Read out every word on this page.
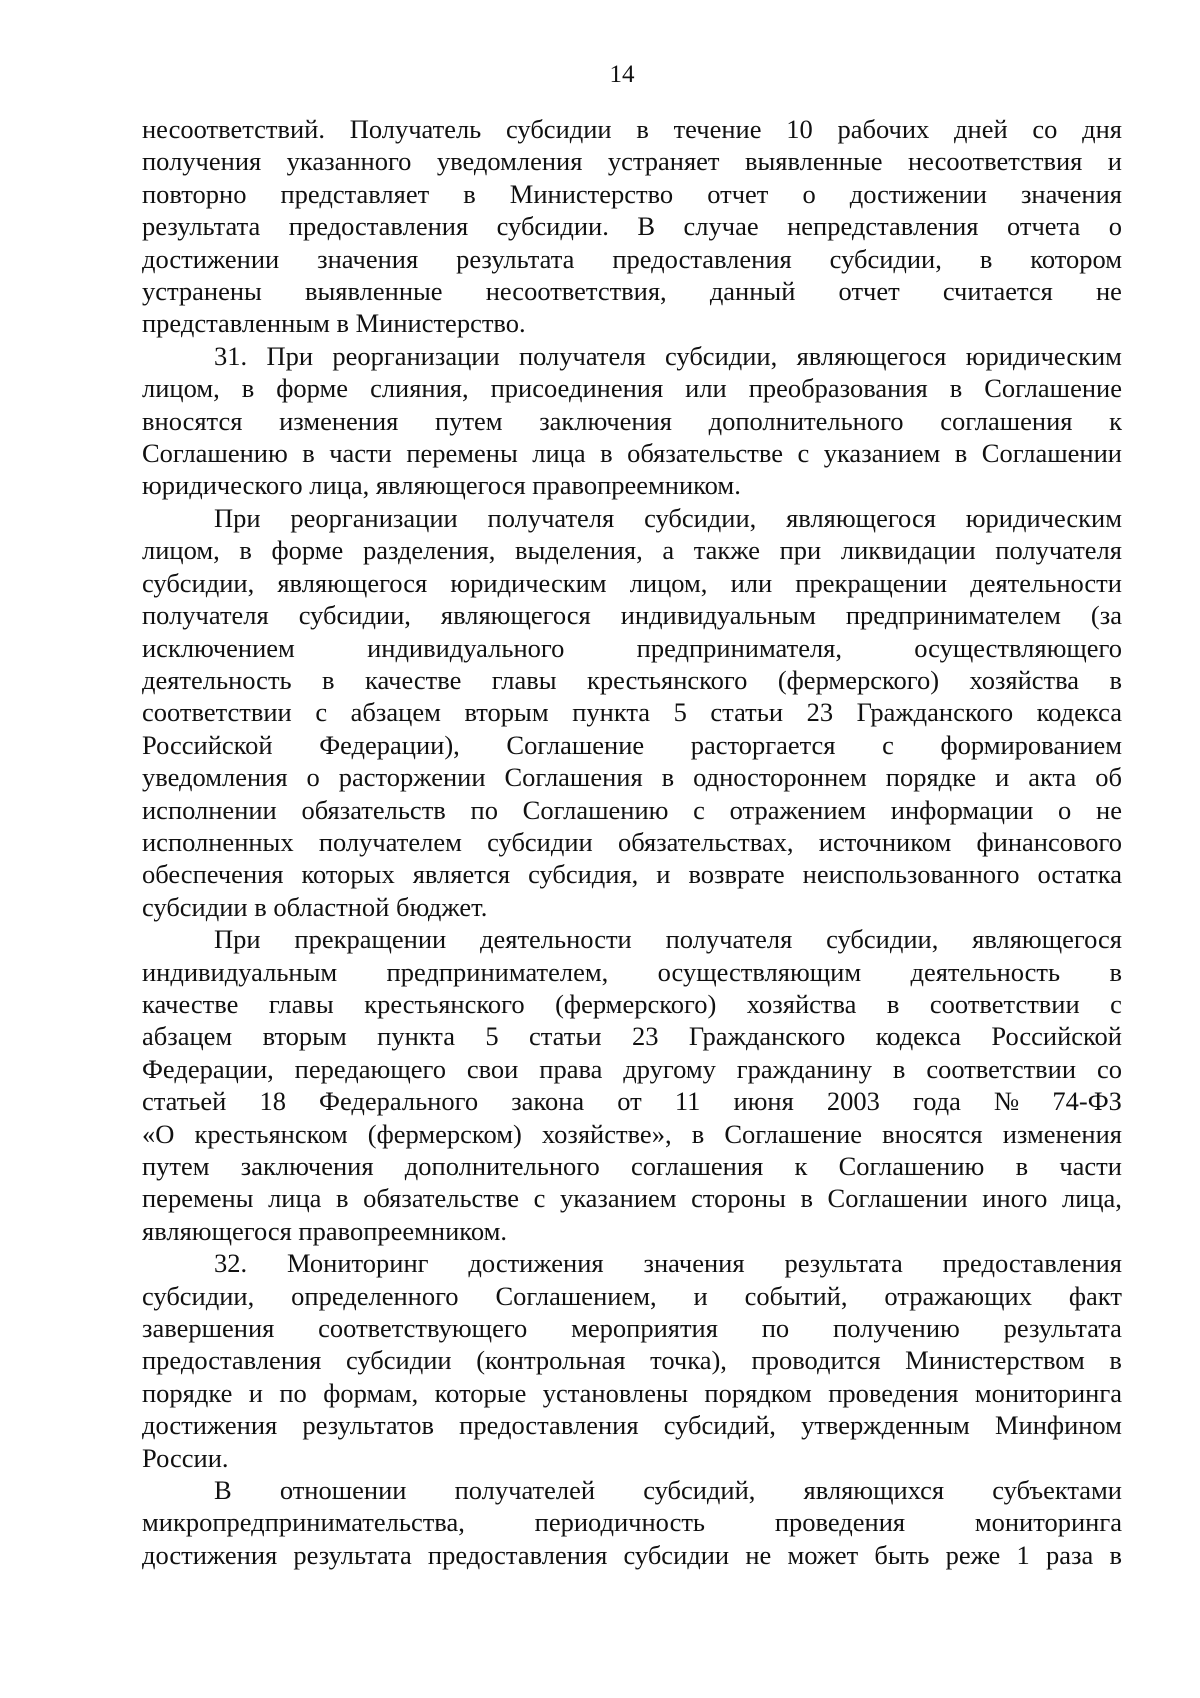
14
несоответствий. Получатель субсидии в течение 10 рабочих дней со дня
получения указанного уведомления устраняет выявленные несоответствия и
повторно представляет в Министерство отчет о достижении значения
результата предоставления субсидии. В случае непредставления отчета о
достижении значения результата предоставления субсидии, в котором
устранены выявленные несоответствия, данный отчет считается не
представленным в Министерство.
31. При реорганизации получателя субсидии, являющегося юридическим
лицом, в форме слияния, присоединения или преобразования в Соглашение
вносятся изменения путем заключения дополнительного соглашения к
Соглашению в части перемены лица в обязательстве с указанием в Соглашении
юридического лица, являющегося правопреемником.
При реорганизации получателя субсидии, являющегося юридическим
лицом, в форме разделения, выделения, а также при ликвидации получателя
субсидии, являющегося юридическим лицом, или прекращении деятельности
получателя субсидии, являющегося индивидуальным предпринимателем (за
исключением	индивидуального	предпринимателя,	осуществляющего
деятельность в качестве главы крестьянского (фермерского) хозяйства в
соответствии с абзацем вторым пункта 5 статьи 23 Гражданского кодекса
Российской Федерации), Соглашение расторгается с формированием
уведомления о расторжении Соглашения в одностороннем порядке и акта об
исполнении обязательств по Соглашению с отражением информации о не
исполненных получателем субсидии обязательствах, источником финансового
обеспечения которых является субсидия, и возврате неиспользованного остатка
субсидии в областной бюджет.
При прекращении деятельности получателя субсидии, являющегося
индивидуальным предпринимателем, осуществляющим деятельность в
качестве главы крестьянского (фермерского) хозяйства в соответствии с
абзацем вторым пункта 5 статьи 23 Гражданского кодекса Российской
Федерации, передающего свои права другому гражданину в соответствии со
статьей 18 Федерального закона от 11 июня 2003 года № 74-ФЗ
«О крестьянском (фермерском) хозяйстве», в Соглашение вносятся изменения
путем заключения дополнительного соглашения к Соглашению в части
перемены лица в обязательстве с указанием стороны в Соглашении иного лица,
являющегося правопреемником.
32. Мониторинг достижения значения результата предоставления
субсидии, определенного Соглашением, и событий, отражающих факт
завершения соответствующего мероприятия по получению результата
предоставления субсидии (контрольная точка), проводится Министерством в
порядке и по формам, которые установлены порядком проведения мониторинга
достижения результатов предоставления субсидий, утвержденным Минфином
России.
В отношении получателей субсидий, являющихся субъектами
микропредпринимательства,	периодичность	проведения	мониторинга
достижения результата предоставления субсидии не может быть реже 1 раза в
